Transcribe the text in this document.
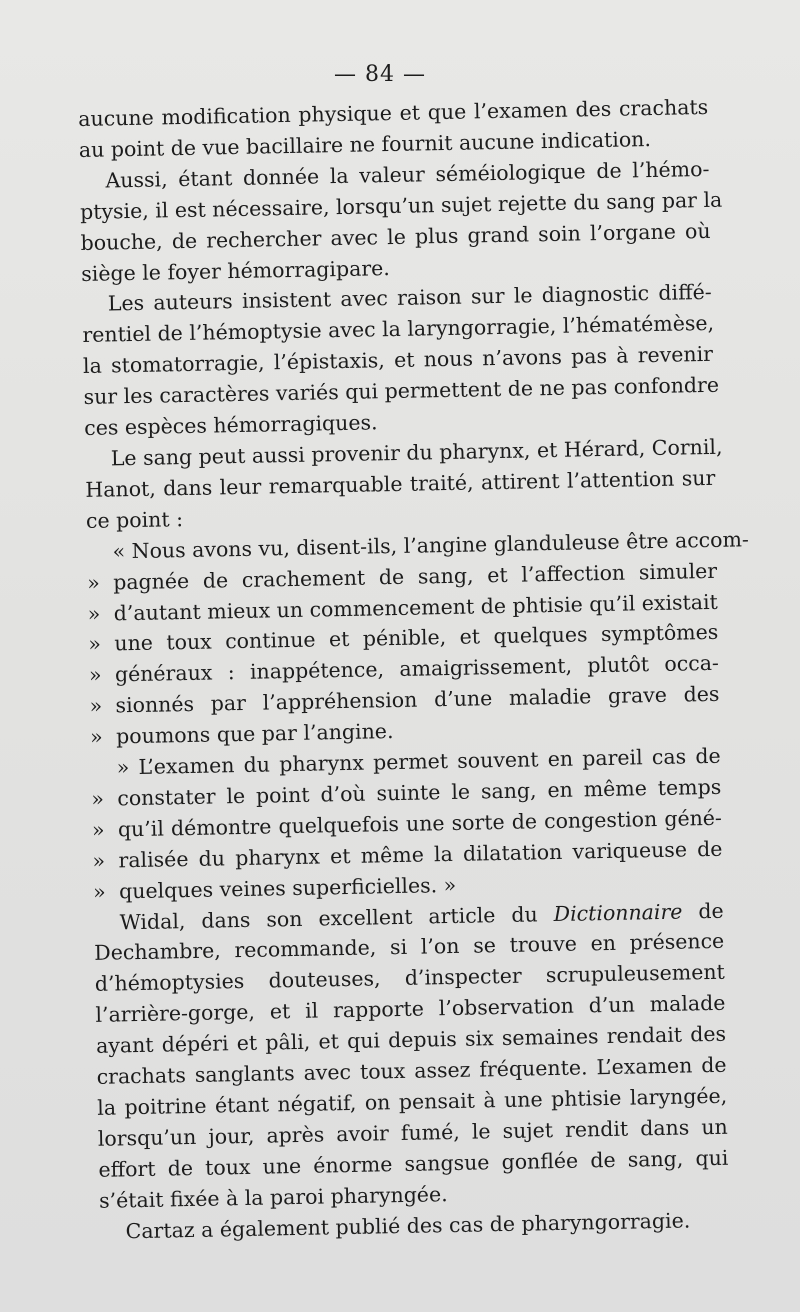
— 84 —
aucune modification physique et que l’examen des crachats
au point de vue bacillaire ne fournit aucune indication.
Aussi, étant donnée la valeur séméiologique de l’hémo-
ptysie, il est nécessaire, lorsqu’un sujet rejette du sang par la
bouche, de rechercher avec le plus grand soin l’organe où
siège le foyer hémorragipare.
Les auteurs insistent avec raison sur le diagnostic diffé-
rentiel de l’hémoptysie avec la laryngorragie, l’hématémèse,
la stomatorragie, l’épistaxis, et nous n’avons pas à revenir
sur les caractères variés qui permettent de ne pas confondre
ces espèces hémorragiques.
Le sang peut aussi provenir du pharynx, et Hérard, Cornil,
Hanot, dans leur remarquable traité, attirent l’attention sur
ce point :
« Nous avons vu, disent-ils, l’angine glanduleuse être accom-
» pagnée de crachement de sang, et l’affection simuler
» d’autant mieux un commencement de phtisie qu’il existait
» une toux continue et pénible, et quelques symptômes
» généraux : inappétence, amaigrissement, plutôt occa-
» sionnés par l’appréhension d’une maladie grave des
» poumons que par l’angine.
» L’examen du pharynx permet souvent en pareil cas de
» constater le point d’où suinte le sang, en même temps
» qu’il démontre quelquefois une sorte de congestion géné-
» ralisée du pharynx et même la dilatation variqueuse de
» quelques veines superficielles. »
Widal, dans son excellent article du Dictionnaire de
Dechambre, recommande, si l’on se trouve en présence
d’hémoptysies douteuses, d’inspecter scrupuleusement
l’arrière-gorge, et il rapporte l’observation d’un malade
ayant dépéri et pâli, et qui depuis six semaines rendait des
crachats sanglants avec toux assez fréquente. L’examen de
la poitrine étant négatif, on pensait à une phtisie laryngée,
lorsqu’un jour, après avoir fumé, le sujet rendit dans un
effort de toux une énorme sangsue gonflée de sang, qui
s’était fixée à la paroi pharyngée.
Cartaz a également publié des cas de pharyngorragie.
